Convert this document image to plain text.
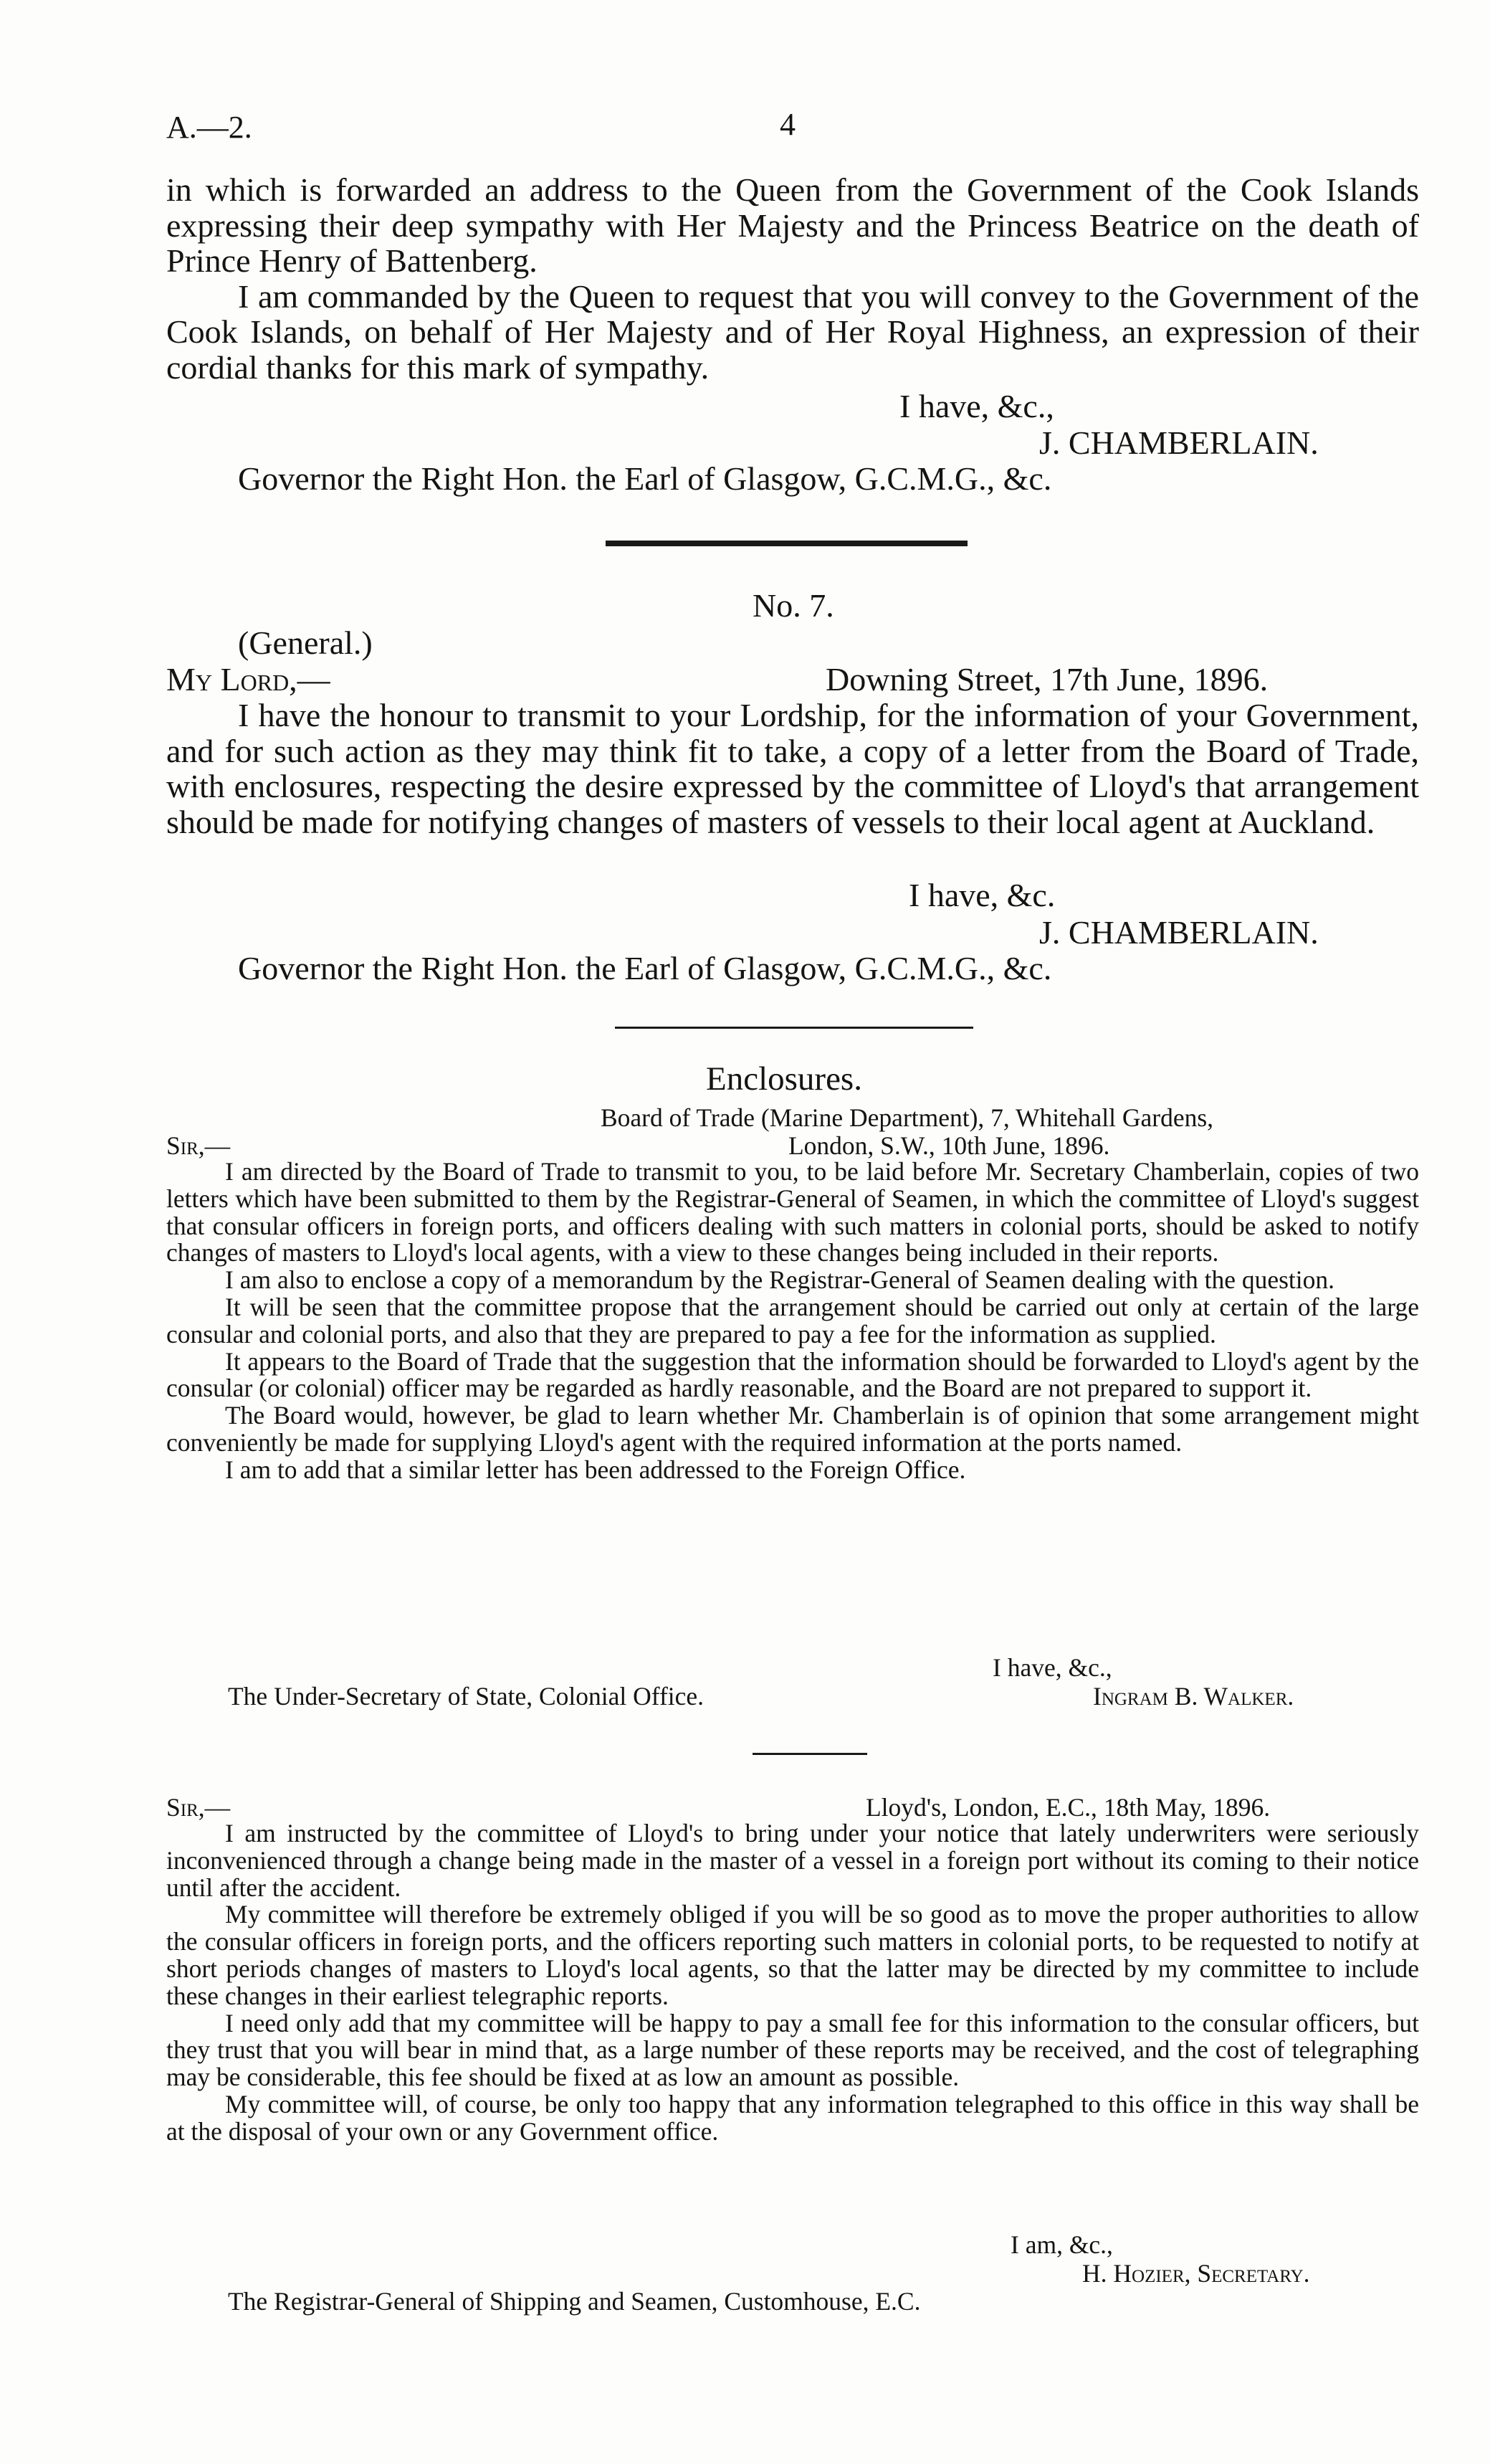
A.—2.	4

in which is forwarded an address to the Queen from the Government of the Cook Islands expressing their deep sympathy with Her Majesty and the Princess Beatrice on the death of Prince Henry of Battenberg.

I am commanded by the Queen to request that you will convey to the Government of the Cook Islands, on behalf of Her Majesty and of Her Royal Highness, an expression of their cordial thanks for this mark of sympathy.

I have, &c.,
J. CHAMBERLAIN.
Governor the Right Hon. the Earl of Glasgow, G.C.M.G., &c.
No. 7.
(General.)
My Lord,—	Downing Street, 17th June, 1896.

I have the honour to transmit to your Lordship, for the information of your Government, and for such action as they may think fit to take, a copy of a letter from the Board of Trade, with enclosures, respecting the desire expressed by the committee of Lloyd's that arrangement should be made for notifying changes of masters of vessels to their local agent at Auckland.

I have, &c.
J. CHAMBERLAIN.
Governor the Right Hon. the Earl of Glasgow, G.C.M.G., &c.
Enclosures.
Board of Trade (Marine Department), 7, Whitehall Gardens,
Sir,—	London, S.W., 10th June, 1896.

I am directed by the Board of Trade to transmit to you, to be laid before Mr. Secretary Chamberlain, copies of two letters which have been submitted to them by the Registrar-General of Seamen, in which the committee of Lloyd's suggest that consular officers in foreign ports, and officers dealing with such matters in colonial ports, should be asked to notify changes of masters to Lloyd's local agents, with a view to these changes being included in their reports.

I am also to enclose a copy of a memorandum by the Registrar-General of Seamen dealing with the question.

It will be seen that the committee propose that the arrangement should be carried out only at certain of the large consular and colonial ports, and also that they are prepared to pay a fee for the information as supplied.

It appears to the Board of Trade that the suggestion that the information should be forwarded to Lloyd's agent by the consular (or colonial) officer may be regarded as hardly reasonable, and the Board are not prepared to support it.

The Board would, however, be glad to learn whether Mr. Chamberlain is of opinion that some arrangement might conveniently be made for supplying Lloyd's agent with the required information at the ports named.

I am to add that a similar letter has been addressed to the Foreign Office.

I have, &c.,
The Under-Secretary of State, Colonial Office.	Ingram B. Walker.
Sir,—	Lloyd's, London, E.C., 18th May, 1896.

I am instructed by the committee of Lloyd's to bring under your notice that lately underwriters were seriously inconvenienced through a change being made in the master of a vessel in a foreign port without its coming to their notice until after the accident.

My committee will therefore be extremely obliged if you will be so good as to move the proper authorities to allow the consular officers in foreign ports, and the officers reporting such matters in colonial ports, to be requested to notify at short periods changes of masters to Lloyd's local agents, so that the latter may be directed by my committee to include these changes in their earliest telegraphic reports.

I need only add that my committee will be happy to pay a small fee for this information to the consular officers, but they trust that you will bear in mind that, as a large number of these reports may be received, and the cost of telegraphing may be considerable, this fee should be fixed at as low an amount as possible.

My committee will, of course, be only too happy that any information telegraphed to this office in this way shall be at the disposal of your own or any Government office.

I am, &c.,
H. Hozier, Secretary.
The Registrar-General of Shipping and Seamen, Customhouse, E.C.
